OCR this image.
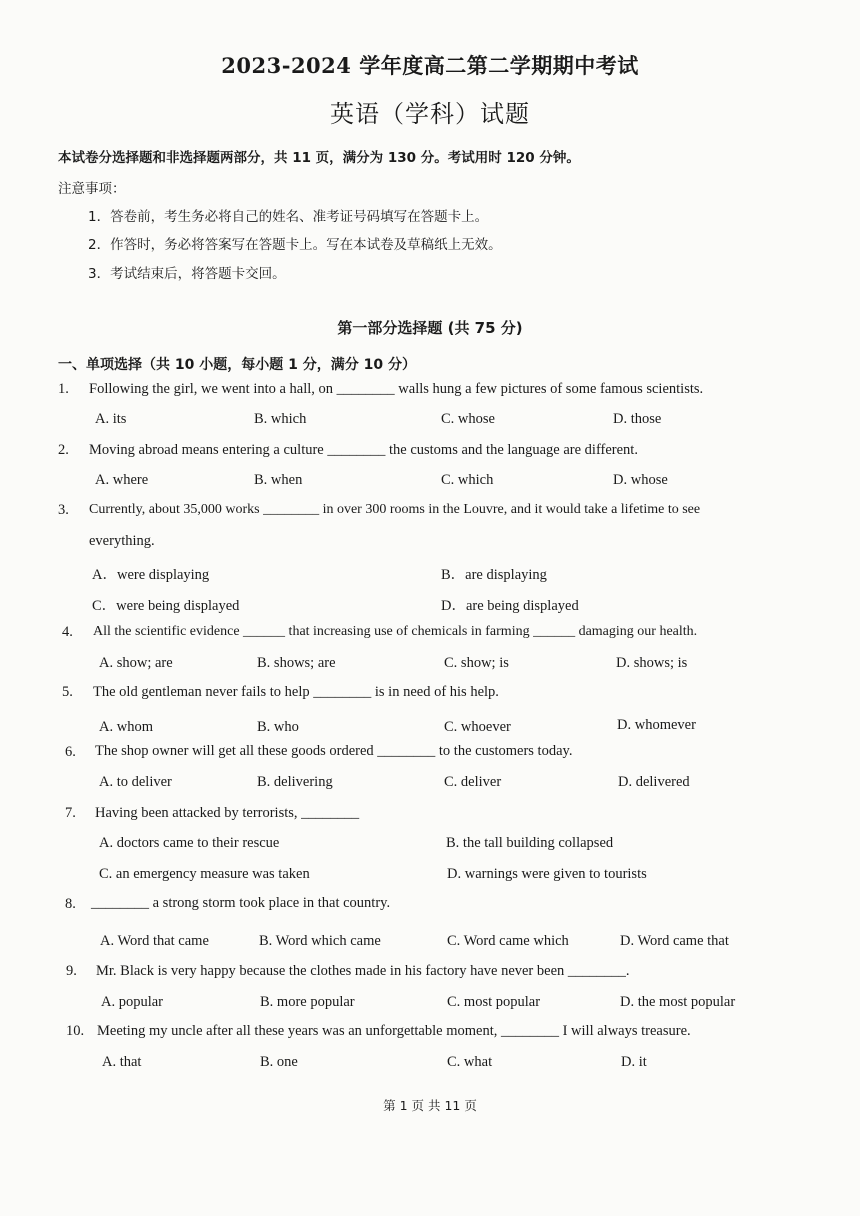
2023-2024 学年度高二第二学期期中考试
英语（学科）试题
本试卷分选择题和非选择题两部分，共 11 页，满分为 130 分。考试用时 120 分钟。
注意事项：
1．答卷前，考生务必将自己的姓名、准考证号码填写在答题卡上。
2．作答时，务必将答案写在答题卡上。写在本试卷及草稿纸上无效。
3．考试结束后，将答题卡交回。
第一部分选择题 (共 75 分)
一、单项选择（共 10 小题，每小题 1 分，满分 10 分）
1. Following the girl, we went into a hall, on ________ walls hung a few pictures of some famous scientists.
A. its	B. which	C. whose	D. those
2. Moving abroad means entering a culture ________ the customs and the language are different.
A. where	B. when	C. which	D. whose
3. Currently, about 35,000 works ________ in over 300 rooms in the Louvre, and it would take a lifetime to see
everything.
A．were displaying	B．are displaying
C．were being displayed	D．are being displayed
4. All the scientific evidence ______ that increasing use of chemicals in farming ______ damaging our health.
A. show; are	B. shows; are	C. show; is	D. shows; is
5. The old gentleman never fails to help ________ is in need of his help.
A. whom	B. who	C. whoever	D. whomever
6. The shop owner will get all these goods ordered ________ to the customers today.
A. to deliver	B. delivering	C. deliver	D. delivered
7. Having been attacked by terrorists, ________
A. doctors came to their rescue	B. the tall building collapsed
C. an emergency measure was taken	D. warnings were given to tourists
8. ________ a strong storm took place in that country.
A. Word that came	B. Word which came	C. Word came which	D. Word came that
9. Mr. Black is very happy because the clothes made in his factory have never been ________.
A. popular	B. more popular	C. most popular	D. the most popular
10. Meeting my uncle after all these years was an unforgettable moment, ________ I will always treasure.
A. that	B. one	C. what	D. it
第 1 页 共 11 页
